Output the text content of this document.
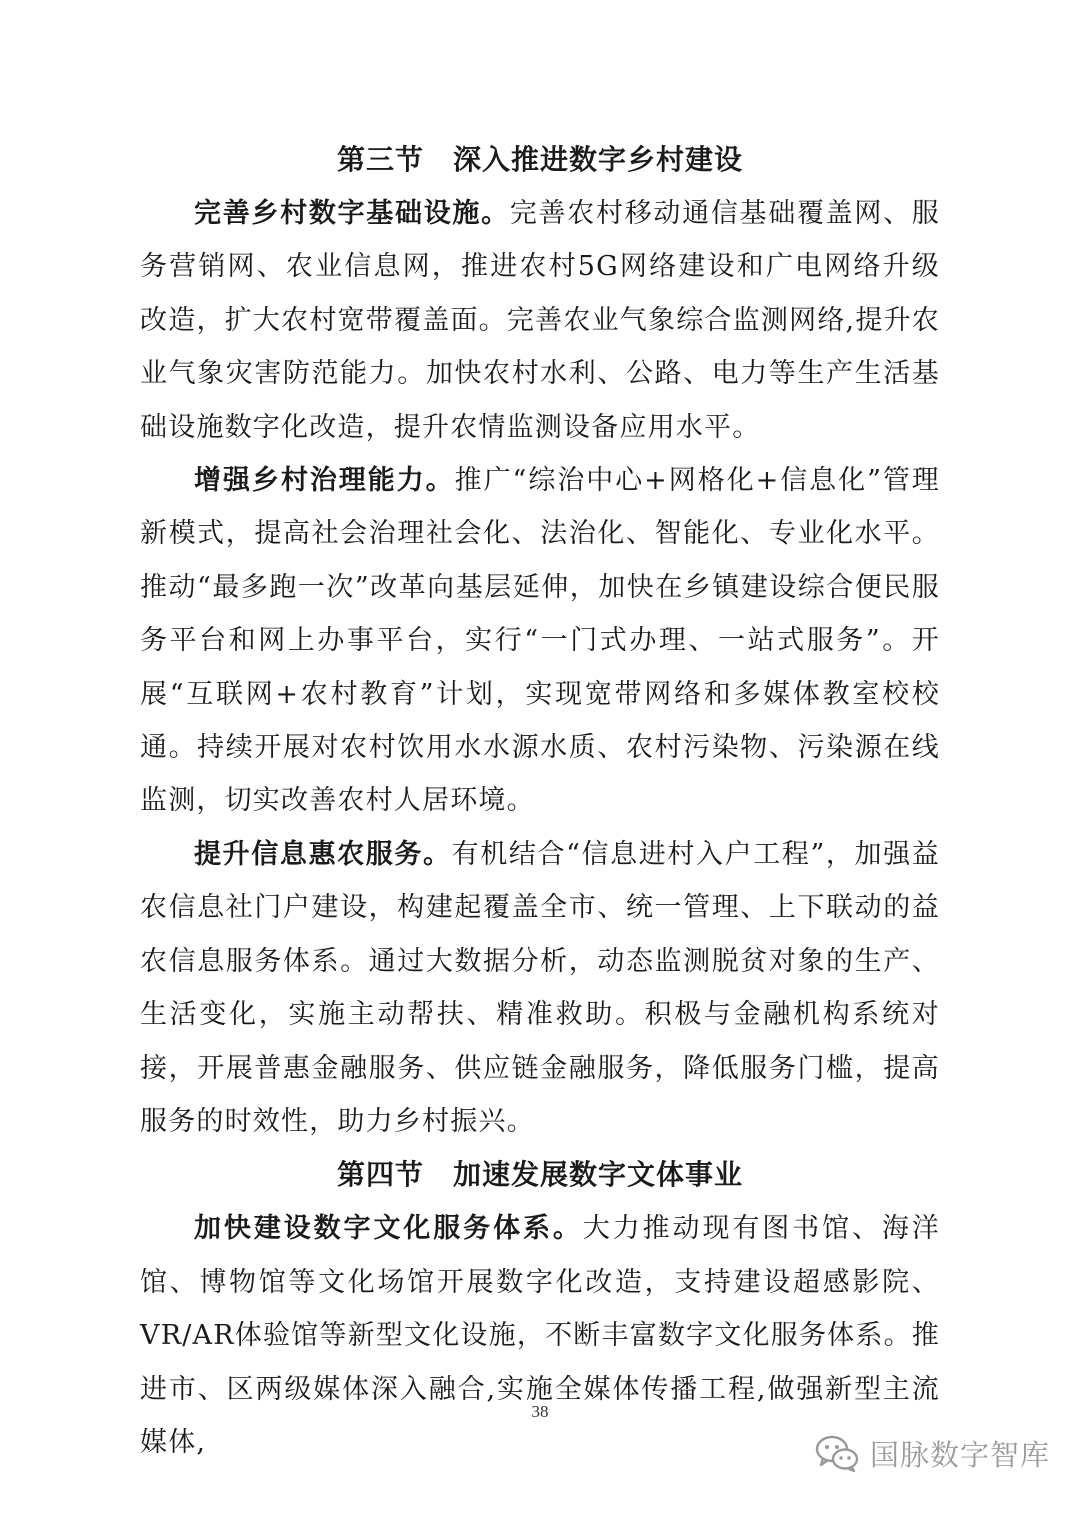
第三节　深入推进数字乡村建设

完善乡村数字基础设施。完善农村移动通信基础覆盖网、服务营销网、农业信息网，推进农村5G网络建设和广电网络升级改造，扩大农村宽带覆盖面。完善农业气象综合监测网络,提升农业气象灾害防范能力。加快农村水利、公路、电力等生产生活基础设施数字化改造，提升农情监测设备应用水平。

增强乡村治理能力。推广“综治中心+网格化+信息化”管理新模式，提高社会治理社会化、法治化、智能化、专业化水平。推动“最多跑一次”改革向基层延伸，加快在乡镇建设综合便民服务平台和网上办事平台，实行“一门式办理、一站式服务”。开展“互联网+农村教育”计划，实现宽带网络和多媒体教室校校通。持续开展对农村饮用水水源水质、农村污染物、污染源在线监测，切实改善农村人居环境。

提升信息惠农服务。有机结合“信息进村入户工程”，加强益农信息社门户建设，构建起覆盖全市、统一管理、上下联动的益农信息服务体系。通过大数据分析，动态监测脱贫对象的生产、生活变化，实施主动帮扶、精准救助。积极与金融机构系统对接，开展普惠金融服务、供应链金融服务，降低服务门槛，提高服务的时效性，助力乡村振兴。

第四节　加速发展数字文体事业

加快建设数字文化服务体系。大力推动现有图书馆、海洋馆、博物馆等文化场馆开展数字化改造，支持建设超感影院、VR/AR体验馆等新型文化设施，不断丰富数字文化服务体系。推进市、区两级媒体深入融合,实施全媒体传播工程,做强新型主流媒体,

38
国脉数字智库
